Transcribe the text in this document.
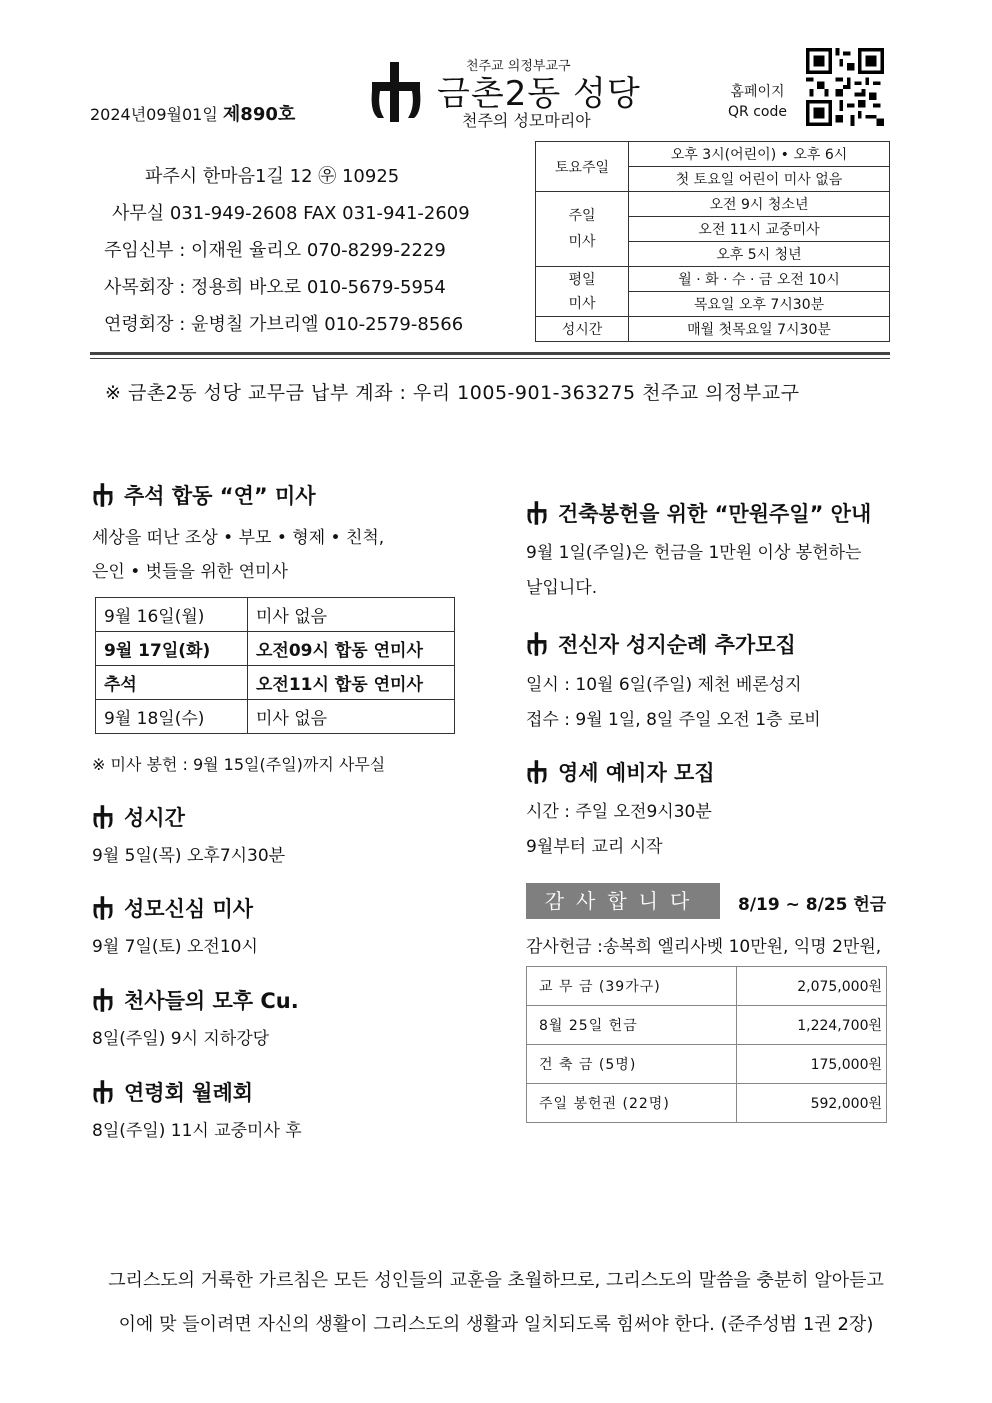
2024년09월01일 제890호
천주교 의정부교구
금촌2동 성당
천주의 성모마리아
홈페이지
QR code
파주시 한마음1길 12 ㉾ 10925
사무실 031-949-2608 FAX 031-941-2609
주임신부 : 이재원 율리오 070-8299-2229
사목회장 : 정용희 바오로 010-5679-5954
연령회장 : 윤병칠 가브리엘 010-2579-8566
토요주일	오후 3시(어린이) • 오후 6시
	첫 토요일 어린이 미사 없음
주일
미사	오전 9시 청소년
	오전 11시 교중미사
	오후 5시 청년
평일
미사	월 · 화 · 수 · 금 오전 10시
	목요일 오후 7시30분
성시간	매월 첫목요일 7시30분
※ 금촌2동 성당 교무금 납부 계좌 : 우리 1005-901-363275 천주교 의정부교구
추석 합동 “연” 미사
세상을 떠난 조상 • 부모 • 형제 • 친척,
은인 • 벗들을 위한 연미사
9월 16일(월)	미사 없음
9월 17일(화)	오전09시 합동 연미사
추석	오전11시 합동 연미사
9월 18일(수)	미사 없음
※ 미사 봉헌 : 9월 15일(주일)까지 사무실
성시간
9월 5일(목) 오후7시30분
성모신심 미사
9월 7일(토) 오전10시
천사들의 모후 Cu.
8일(주일) 9시 지하강당
연령회 월례회
8일(주일) 11시 교중미사 후
건축봉헌을 위한 “만원주일” 안내
9월 1일(주일)은 헌금을 1만원 이상 봉헌하는
날입니다.
전신자 성지순례 추가모집
일시 : 10월 6일(주일) 제천 베론성지
접수 : 9월 1일, 8일 주일 오전 1층 로비
영세 예비자 모집
시간 : 주일 오전9시30분
9월부터 교리 시작
감사합니다	8/19 ~ 8/25 헌금
감사헌금 :송복희 엘리사벳 10만원, 익명 2만원,
교 무 금 (39가구)	2,075,000원
8월 25일 헌금	1,224,700원
건 축 금 (5명)	175,000원
주일 봉헌권 (22명)	592,000원
그리스도의 거룩한 가르침은 모든 성인들의 교훈을 초월하므로, 그리스도의 말씀을 충분히 알아듣고
이에 맞 들이려면 자신의 생활이 그리스도의 생활과 일치되도록 힘써야 한다. (준주성범 1권 2장)
